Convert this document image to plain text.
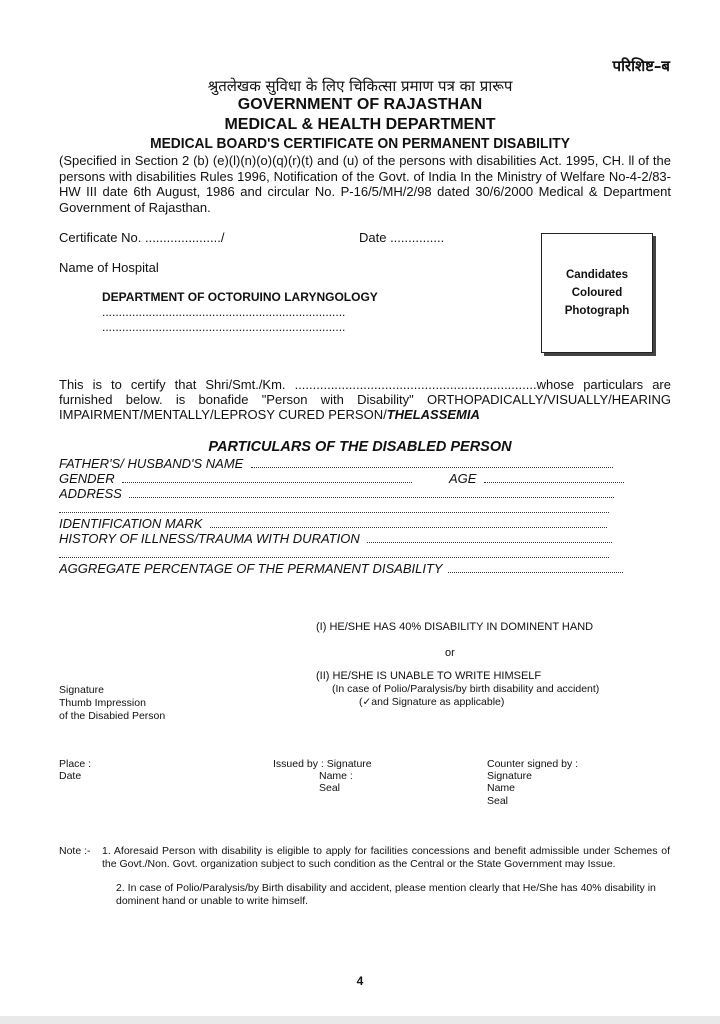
परिशिष्ट–ब
श्रुतलेखक सुविधा के लिए चिकित्सा प्रमाण पत्र का प्रारूप
GOVERNMENT OF RAJASTHAN
MEDICAL & HEALTH DEPARTMENT
MEDICAL BOARD'S CERTIFICATE ON PERMANENT DISABILITY
(Specified in Section 2 (b) (e)(l)(n)(o)(q)(r)(t) and (u) of the persons with disabilities Act. 1995, CH. ll of the persons with disabilities Rules 1996, Notification of the Govt. of India In the Ministry of Welfare No-4-2/83-HW III date 6th August, 1986 and circular No. P-16/5/MH/2/98 dated 30/6/2000 Medical & Department Government of Rajasthan.
Certificate No. ...................../	Date ...............
Name of Hospital
DEPARTMENT OF OCTORUINO LARYNGOLOGY
.........................................................................
.........................................................................
Candidates
Coloured
Photograph
This is to certify that Shri/Smt./Km. ...................................................................whose particulars are furnished below. is bonafide "Person with Disability" ORTHOPADICALLY/VISUALLY/HEARING IMPAIRMENT/MENTALLY/LEPROSY CURED PERSON/THELASSEMIA
PARTICULARS OF THE DISABLED PERSON
FATHER'S/ HUSBAND'S NAME
GENDER	AGE
ADDRESS
IDENTIFICATION MARK
HISTORY OF ILLNESS/TRAUMA WITH DURATION
AGGREGATE PERCENTAGE OF THE PERMANENT DISABILITY
(I) HE/SHE HAS 40% DISABILITY IN DOMINENT HAND
or
(II) HE/SHE IS UNABLE TO WRITE HIMSELF
(In case of Polio/Paralysis/by birth disability and accident)
(✓and Signature as applicable)
Signature
Thumb Impression
of the Disabied Person
Place :
Date
Issued by : Signature
Name :
Seal
Counter signed by :
Signature
Name
Seal
Note :- 1. Aforesaid Person with disability is eligible to apply for facilities concessions and benefit admissible under Schemes of the Govt./Non. Govt. organization subject to such condition as the Central or the State Government may Issue.
2. In case of Polio/Paralysis/by Birth disability and accident, please mention clearly that He/She has 40% disability in dominent hand or unable to write himself.
4
